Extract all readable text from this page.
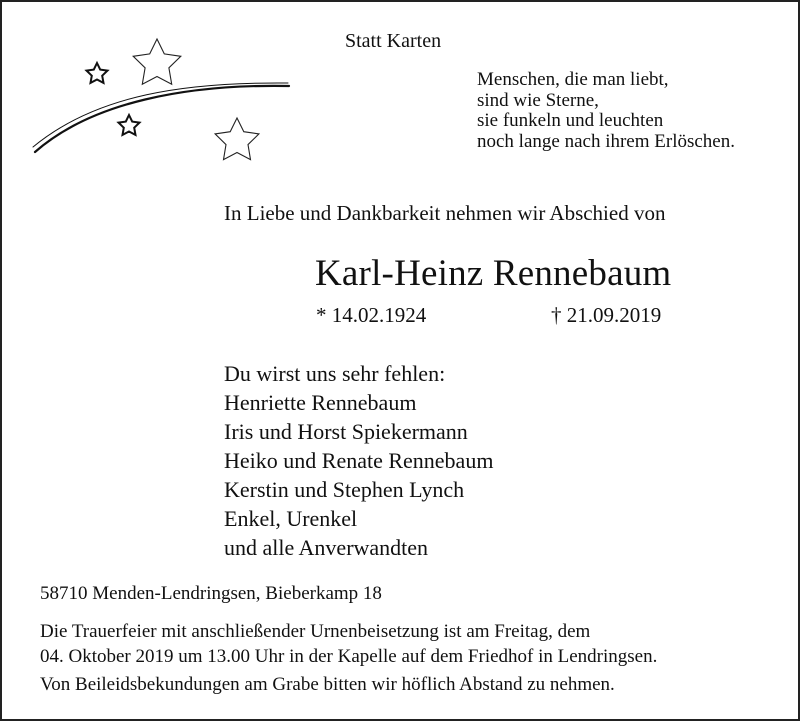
Statt Karten
Menschen, die man liebt,
sind wie Sterne,
sie funkeln und leuchten
noch lange nach ihrem Erlöschen.
In Liebe und Dankbarkeit nehmen wir Abschied von
Karl-Heinz Rennebaum
* 14.02.1924	† 21.09.2019
Du wirst uns sehr fehlen:
Henriette Rennebaum
Iris und Horst Spiekermann
Heiko und Renate Rennebaum
Kerstin und Stephen Lynch
Enkel, Urenkel
und alle Anverwandten
58710 Menden-Lendringsen, Bieberkamp 18
Die Trauerfeier mit anschließender Urnenbeisetzung ist am Freitag, dem
04. Oktober 2019 um 13.00 Uhr in der Kapelle auf dem Friedhof in Lendringsen.
Von Beileidsbekundungen am Grabe bitten wir höflich Abstand zu nehmen.
